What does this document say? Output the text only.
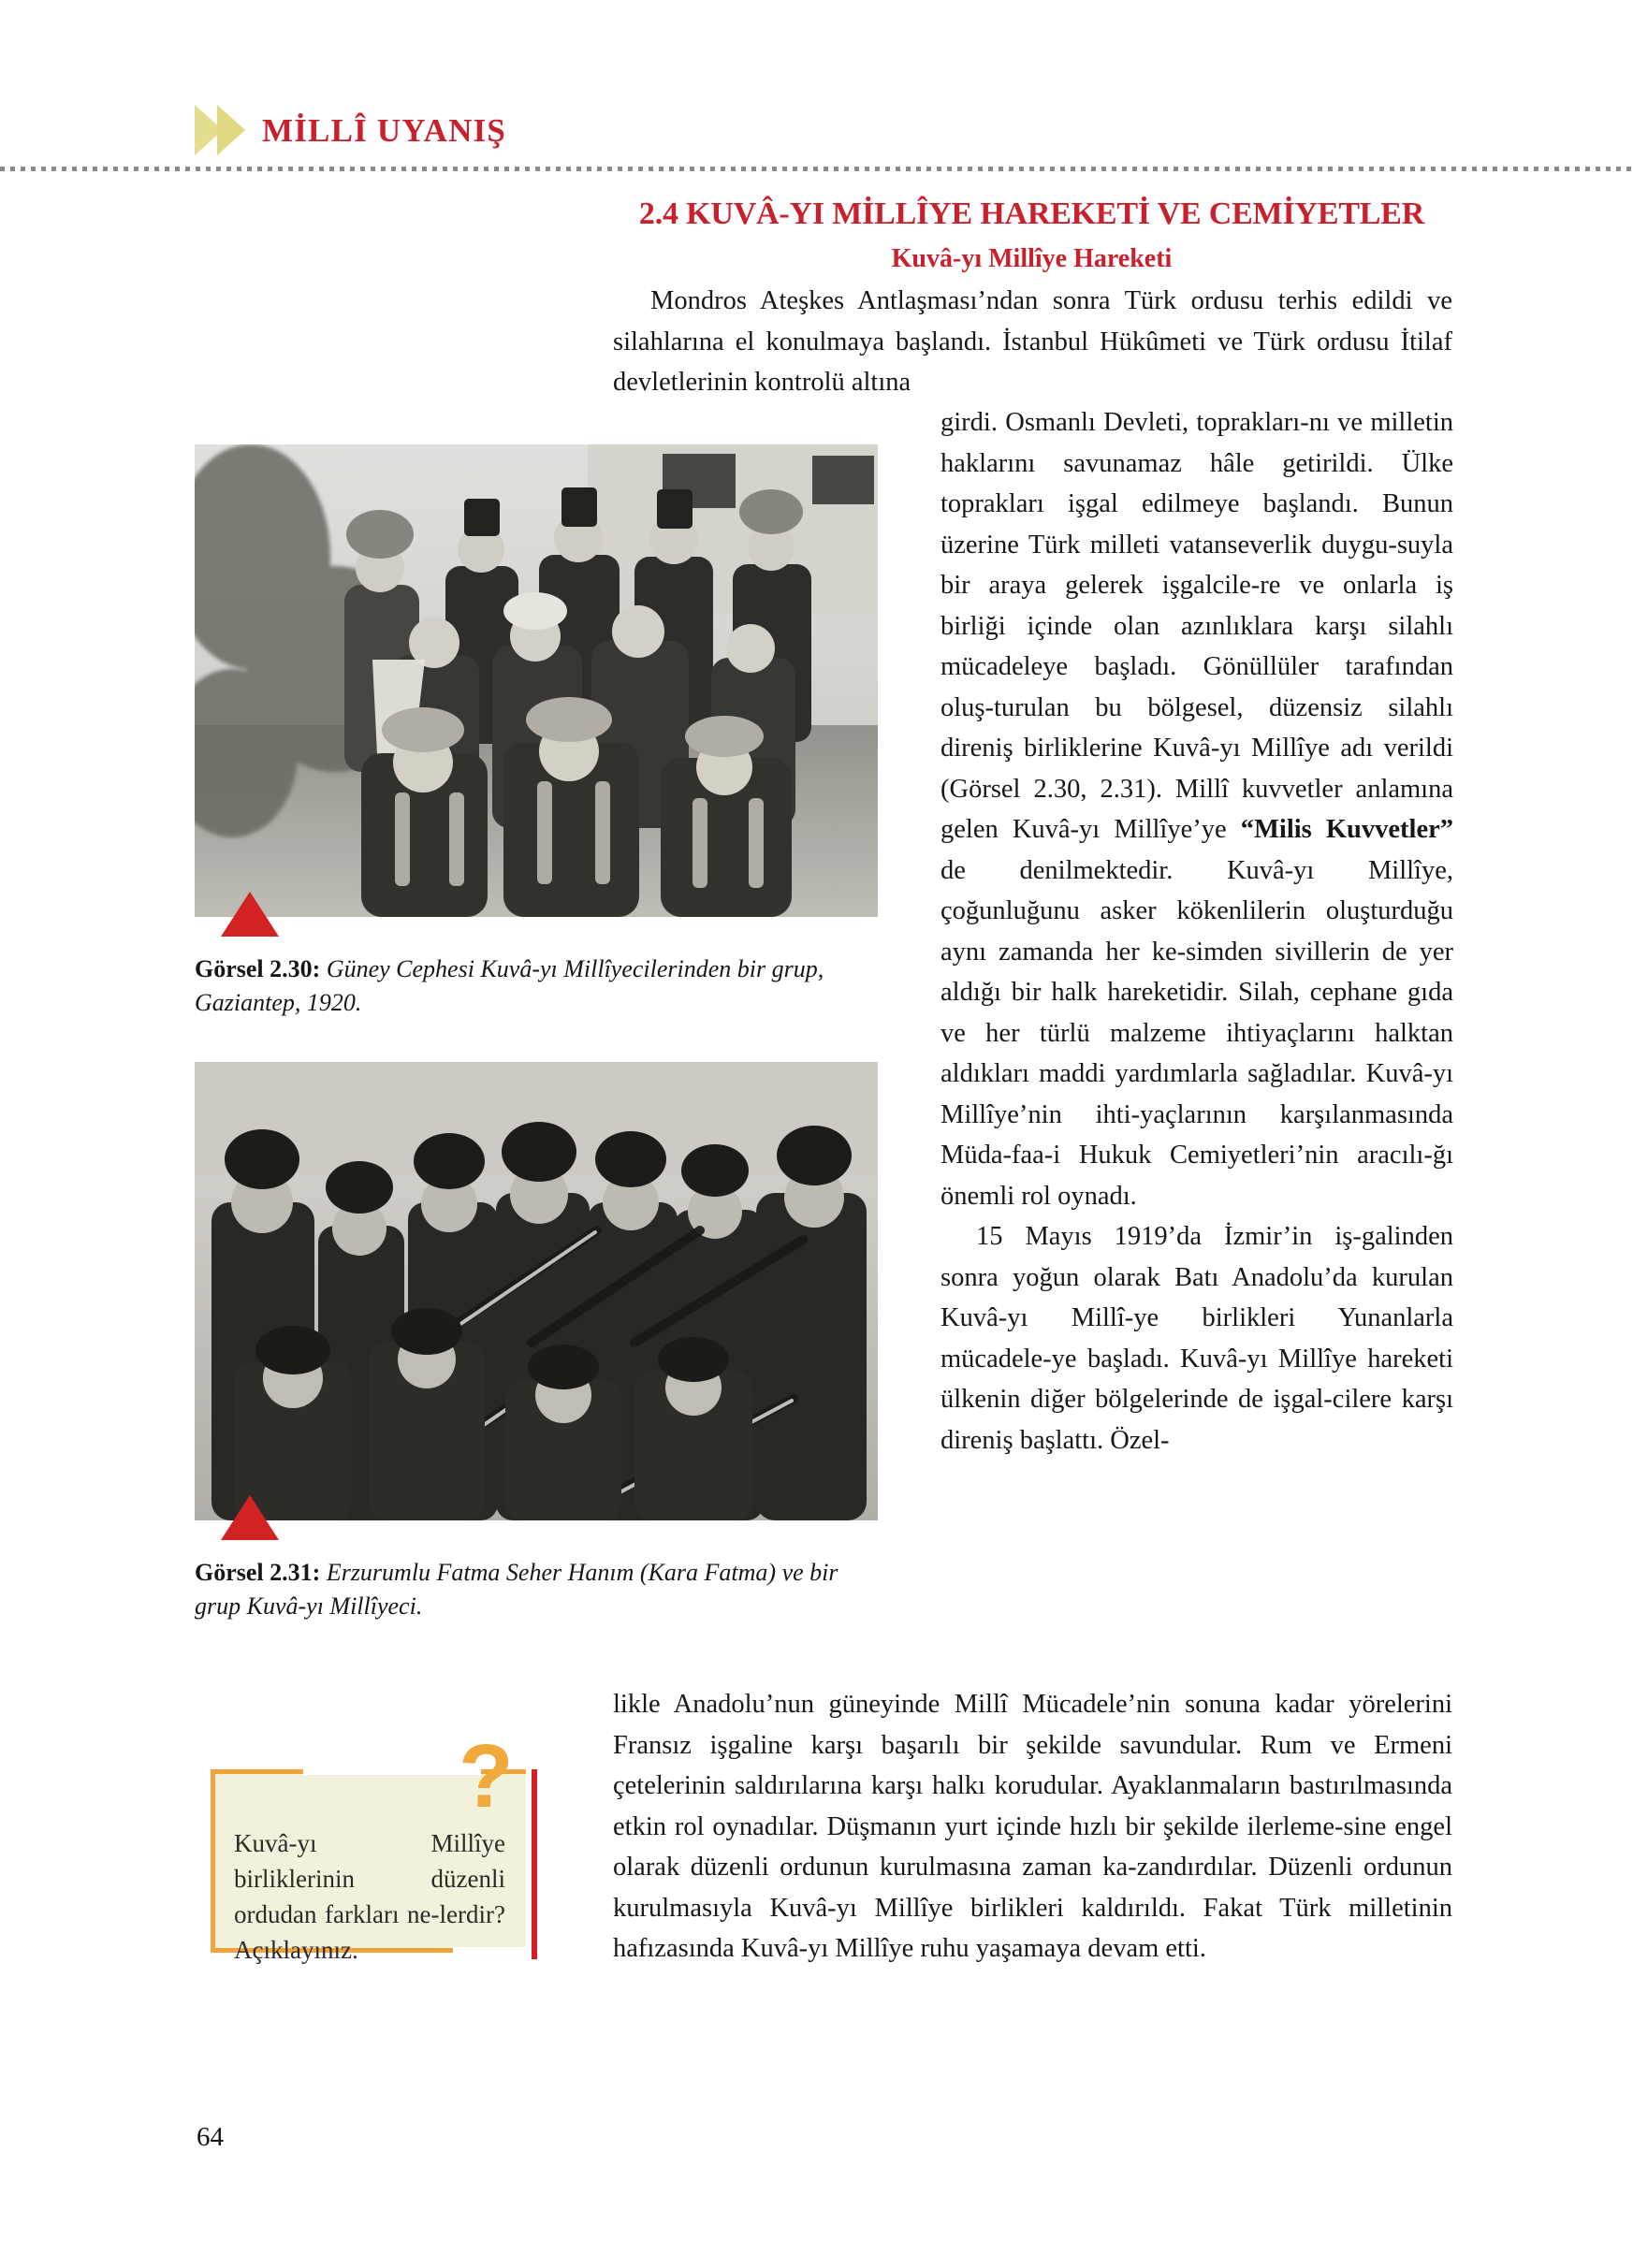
MİLLÎ UYANIŞ
2.4 KUVÂ-YI MİLLÎYE HAREKETİ VE CEMİYETLER
Kuvâ-yı Millîye Hareketi
Mondros Ateşkes Antlaşması’ndan sonra Türk ordusu terhis edildi ve silahlarına el konulmaya başlandı. İstanbul Hükûmeti ve Türk ordusu İtilaf devletlerinin kontrolü altına
Görsel 2.30: Güney Cephesi Kuvâ-yı Millîyecilerinden bir grup, Gaziantep, 1920.
Görsel 2.31: Erzurumlu Fatma Seher Hanım (Kara Fatma) ve bir grup Kuvâ-yı Millîyeci.

girdi. Osmanlı Devleti, toprakları-nı ve milletin haklarını savunamaz hâle getirildi. Ülke toprakları işgal edilmeye başlandı. Bunun üzerine Türk milleti vatanseverlik duygu-suyla bir araya gelerek işgalcile-re ve onlarla iş birliği içinde olan azınlıklara karşı silahlı mücadeleye başladı. Gönüllüler tarafından oluş-turulan bu bölgesel, düzensiz silahlı direniş birliklerine Kuvâ-yı Millîye adı verildi (Görsel 2.30, 2.31). Millî kuvvetler anlamına gelen Kuvâ-yı Millîye’ye “Milis Kuvvetler” de denilmektedir. Kuvâ-yı Millîye, çoğunluğunu asker kökenlilerin oluşturduğu aynı zamanda her ke-simden sivillerin de yer aldığı bir halk hareketidir. Silah, cephane gıda ve her türlü malzeme ihtiyaçlarını halktan aldıkları maddi yardımlarla sağladılar. Kuvâ-yı Millîye’nin ihti-yaçlarının karşılanmasında Müda-faa-i Hukuk Cemiyetleri’nin aracılı-ğı önemli rol oynadı.

15 Mayıs 1919’da İzmir’in iş-galinden sonra yoğun olarak Batı Anadolu’da kurulan Kuvâ-yı Millî-ye birlikleri Yunanlarla mücadele-ye başladı. Kuvâ-yı Millîye hareketi ülkenin diğer bölgelerinde de işgal-cilere karşı direniş başlattı. Özel-

?
Kuvâ-yı Millîye birliklerinin düzenli ordudan farkları ne-lerdir? Açıklayınız.
likle Anadolu’nun güneyinde Millî Mücadele’nin sonuna kadar yörelerini Fransız işgaline karşı başarılı bir şekilde savundular. Rum ve Ermeni çetelerinin saldırılarına karşı halkı korudular. Ayaklanmaların bastırılmasında etkin rol oynadılar. Düşmanın yurt içinde hızlı bir şekilde ilerleme-sine engel olarak düzenli ordunun kurulmasına zaman ka-zandırdılar. Düzenli ordunun kurulmasıyla Kuvâ-yı Millîye birlikleri kaldırıldı. Fakat Türk milletinin hafızasında Kuvâ-yı Millîye ruhu yaşamaya devam etti.
64
